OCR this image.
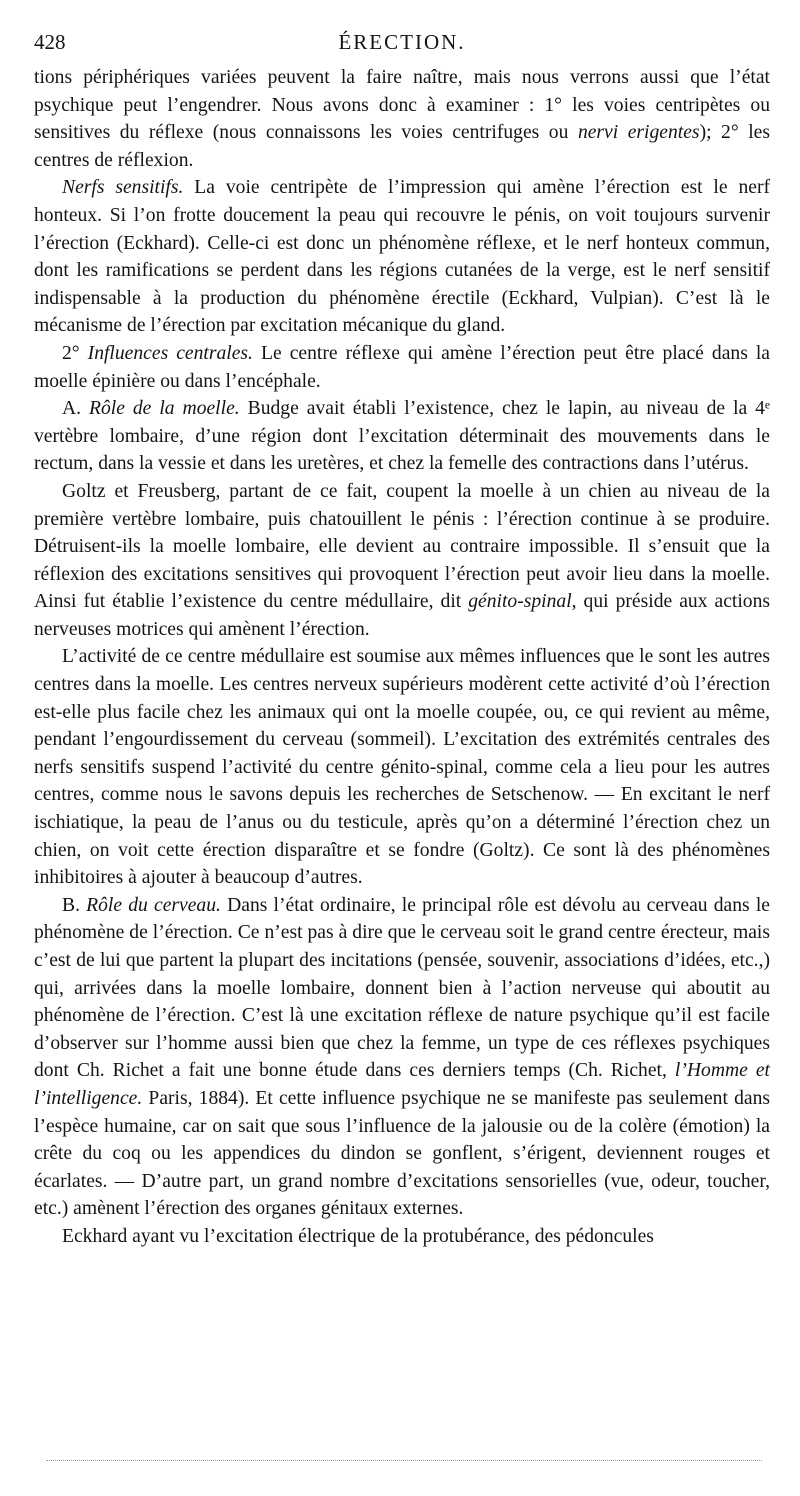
428	ÉRECTION.

tions périphériques variées peuvent la faire naître, mais nous verrons aussi que l’état psychique peut l’engendrer. Nous avons donc à examiner : 1° les voies centripètes ou sensitives du réflexe (nous connaissons les voies centrifuges ou nervi erigentes); 2° les centres de réflexion.

Nerfs sensitifs. La voie centripète de l’impression qui amène l’érection est le nerf honteux. Si l’on frotte doucement la peau qui recouvre le pénis, on voit toujours survenir l’érection (Eckhard). Celle-ci est donc un phénomène réflexe, et le nerf honteux commun, dont les ramifications se perdent dans les régions cutanées de la verge, est le nerf sensitif indispensable à la production du phénomène érectile (Eckhard, Vulpian). C’est là le mécanisme de l’érection par excitation mécanique du gland.

2° Influences centrales. Le centre réflexe qui amène l’érection peut être placé dans la moelle épinière ou dans l’encéphale.

A. Rôle de la moelle. Budge avait établi l’existence, chez le lapin, au niveau de la 4ᵉ vertèbre lombaire, d’une région dont l’excitation déterminait des mouvements dans le rectum, dans la vessie et dans les uretères, et chez la femelle des contractions dans l’utérus.

Goltz et Freusberg, partant de ce fait, coupent la moelle à un chien au niveau de la première vertèbre lombaire, puis chatouillent le pénis : l’érection continue à se produire. Détruisent-ils la moelle lombaire, elle devient au contraire impossible. Il s’ensuit que la réflexion des excitations sensitives qui provoquent l’érection peut avoir lieu dans la moelle. Ainsi fut établie l’existence du centre médullaire, dit génito-spinal, qui préside aux actions nerveuses motrices qui amènent l’érection.

L’activité de ce centre médullaire est soumise aux mêmes influences que le sont les autres centres dans la moelle. Les centres nerveux supérieurs modèrent cette activité d’où l’érection est-elle plus facile chez les animaux qui ont la moelle coupée, ou, ce qui revient au même, pendant l’engourdissement du cerveau (sommeil). L’excitation des extrémités centrales des nerfs sensitifs suspend l’activité du centre génito-spinal, comme cela a lieu pour les autres centres, comme nous le savons depuis les recherches de Setschenow. — En excitant le nerf ischiatique, la peau de l’anus ou du testicule, après qu’on a déterminé l’érection chez un chien, on voit cette érection disparaître et se fondre (Goltz). Ce sont là des phénomènes inhibitoires à ajouter à beaucoup d’autres.

B. Rôle du cerveau. Dans l’état ordinaire, le principal rôle est dévolu au cerveau dans le phénomène de l’érection. Ce n’est pas à dire que le cerveau soit le grand centre érecteur, mais c’est de lui que partent la plupart des incitations (pensée, souvenir, associations d’idées, etc.,) qui, arrivées dans la moelle lombaire, donnent bien à l’action nerveuse qui aboutit au phénomène de l’érection. C’est là une excitation réflexe de nature psychique qu’il est facile d’observer sur l’homme aussi bien que chez la femme, un type de ces réflexes psychiques dont Ch. Richet a fait une bonne étude dans ces derniers temps (Ch. Richet, l’Homme et l’intelligence. Paris, 1884). Et cette influence psychique ne se manifeste pas seulement dans l’espèce humaine, car on sait que sous l’influence de la jalousie ou de la colère (émotion) la crête du coq ou les appendices du dindon se gonflent, s’érigent, deviennent rouges et écarlates. — D’autre part, un grand nombre d’excitations sensorielles (vue, odeur, toucher, etc.) amènent l’érection des organes génitaux externes.

Eckhard ayant vu l’excitation électrique de la protubérance, des pédoncules
